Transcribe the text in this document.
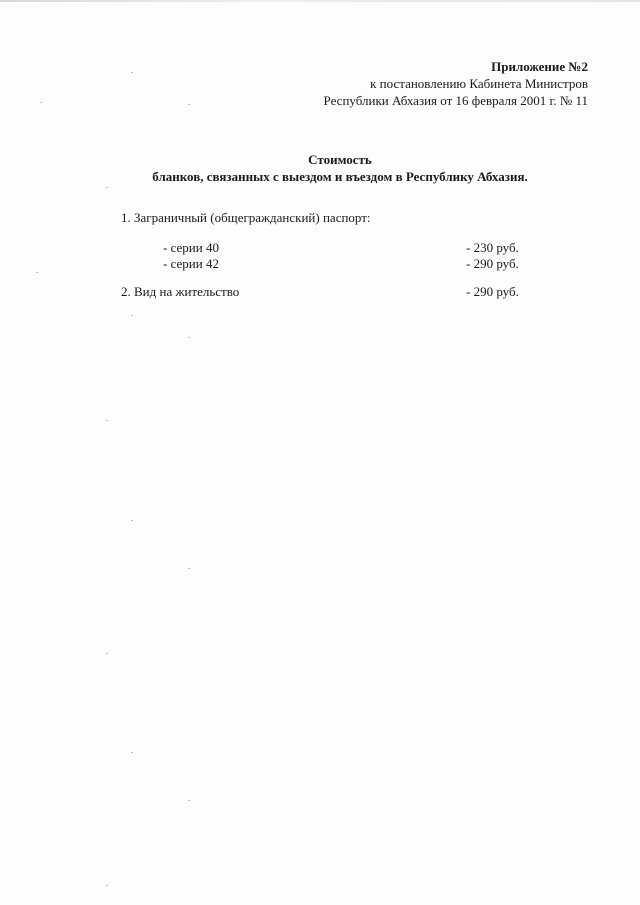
Приложение №2
к постановлению Кабинета Министров
Республики Абхазия от 16 февраля 2001 г. № 11
Стоимость
бланков, связанных с выездом и въездом в Республику Абхазия.
1. Заграничный (общегражданский) паспорт:
- серии 40	- 230 руб.
- серии 42	- 290 руб.
2. Вид на жительство	- 290 руб.
